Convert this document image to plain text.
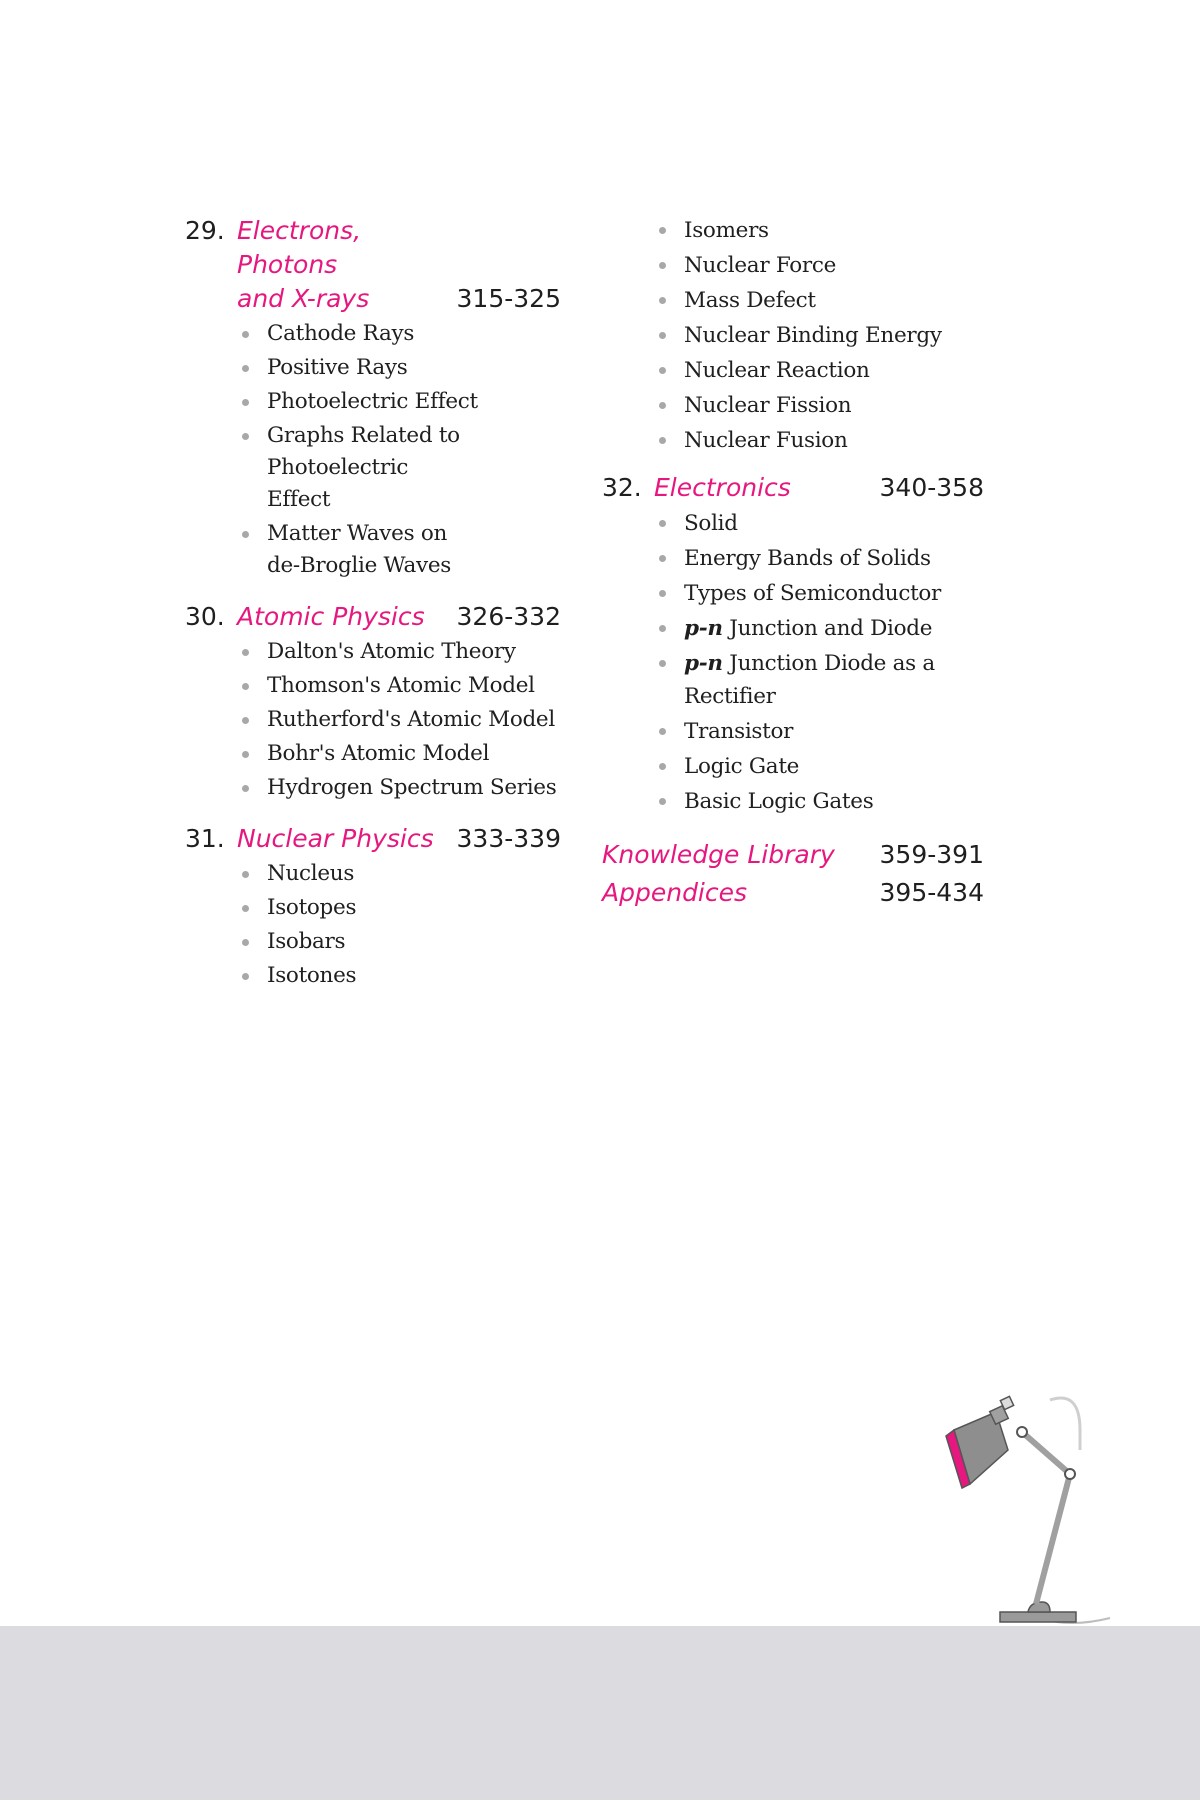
29. Electrons, Photons
and X-rays	315-325
Cathode Rays
Positive Rays
Photoelectric Effect
Graphs Related to Photoelectric Effect
Matter Waves on de-Broglie Waves
30. Atomic Physics	326-332
Dalton's Atomic Theory
Thomson's Atomic Model
Rutherford's Atomic Model
Bohr's Atomic Model
Hydrogen Spectrum Series
31. Nuclear Physics 333-339
Nucleus
Isotopes
Isobars
Isotones
Isomers
Nuclear Force
Mass Defect
Nuclear Binding Energy
Nuclear Reaction
Nuclear Fission
Nuclear Fusion
32. Electronics	340-358
Solid
Energy Bands of Solids
Types of Semiconductor
p-n Junction and Diode
p-n Junction Diode as a Rectifier
Transistor
Logic Gate
Basic Logic Gates
Knowledge Library 359-391
Appendices	395-434
